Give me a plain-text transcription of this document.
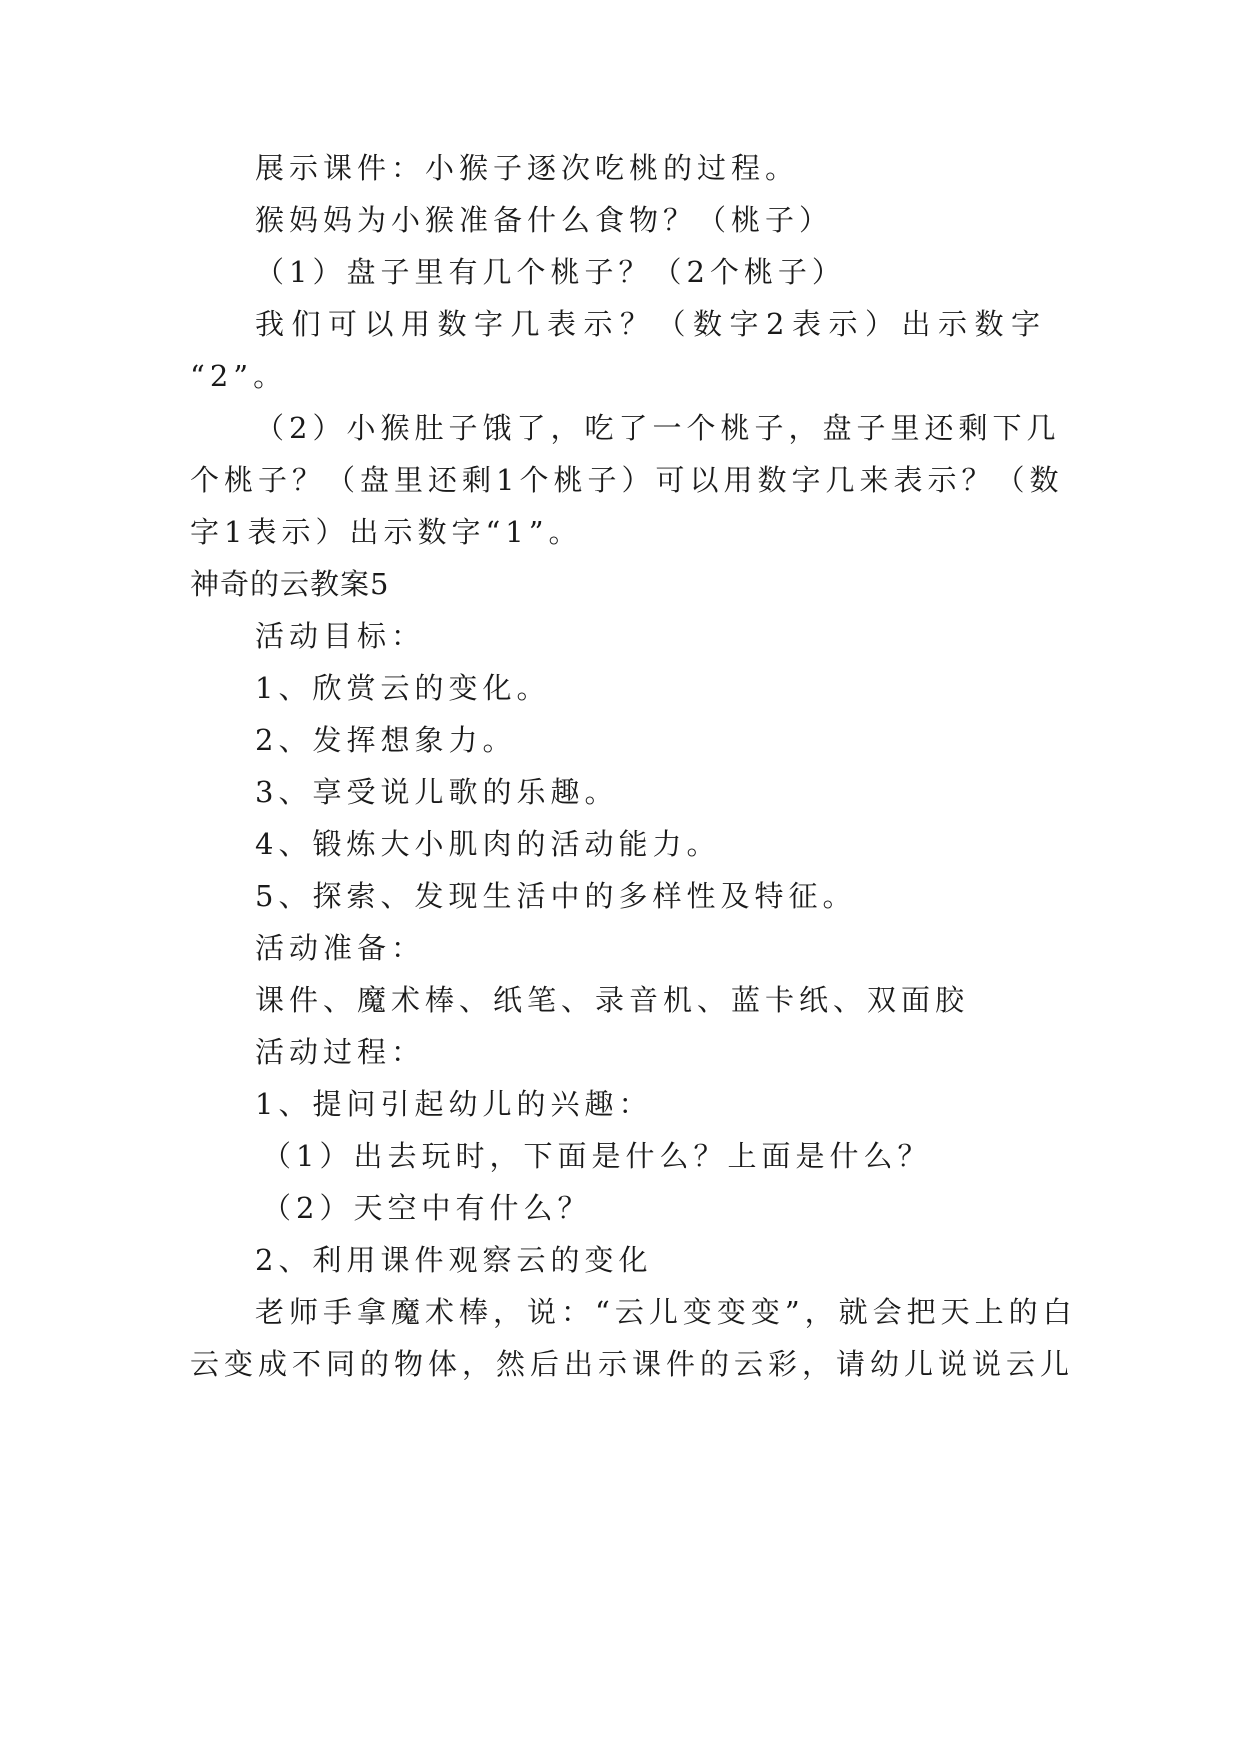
展示课件：小猴子逐次吃桃的过程。
猴妈妈为小猴准备什么食物？（桃子）
（1）盘子里有几个桃子？（2个桃子）
我们可以用数字几表示？（数字2表示）出示数字
“2”。
（2）小猴肚子饿了，吃了一个桃子，盘子里还剩下几
个桃子？（盘里还剩1个桃子）可以用数字几来表示？（数
字1表示）出示数字“1”。
神奇的云教案5
活动目标：
1、欣赏云的变化。
2、发挥想象力。
3、享受说儿歌的乐趣。
4、锻炼大小肌肉的活动能力。
5、探索、发现生活中的多样性及特征。
活动准备：
课件、魔术棒、纸笔、录音机、蓝卡纸、双面胶
活动过程：
1、提问引起幼儿的兴趣：
（1）出去玩时，下面是什么？上面是什么？
（2）天空中有什么？
2、利用课件观察云的变化
老师手拿魔术棒，说：“云儿变变变”，就会把天上的白
云变成不同的物体，然后出示课件的云彩，请幼儿说说云儿
